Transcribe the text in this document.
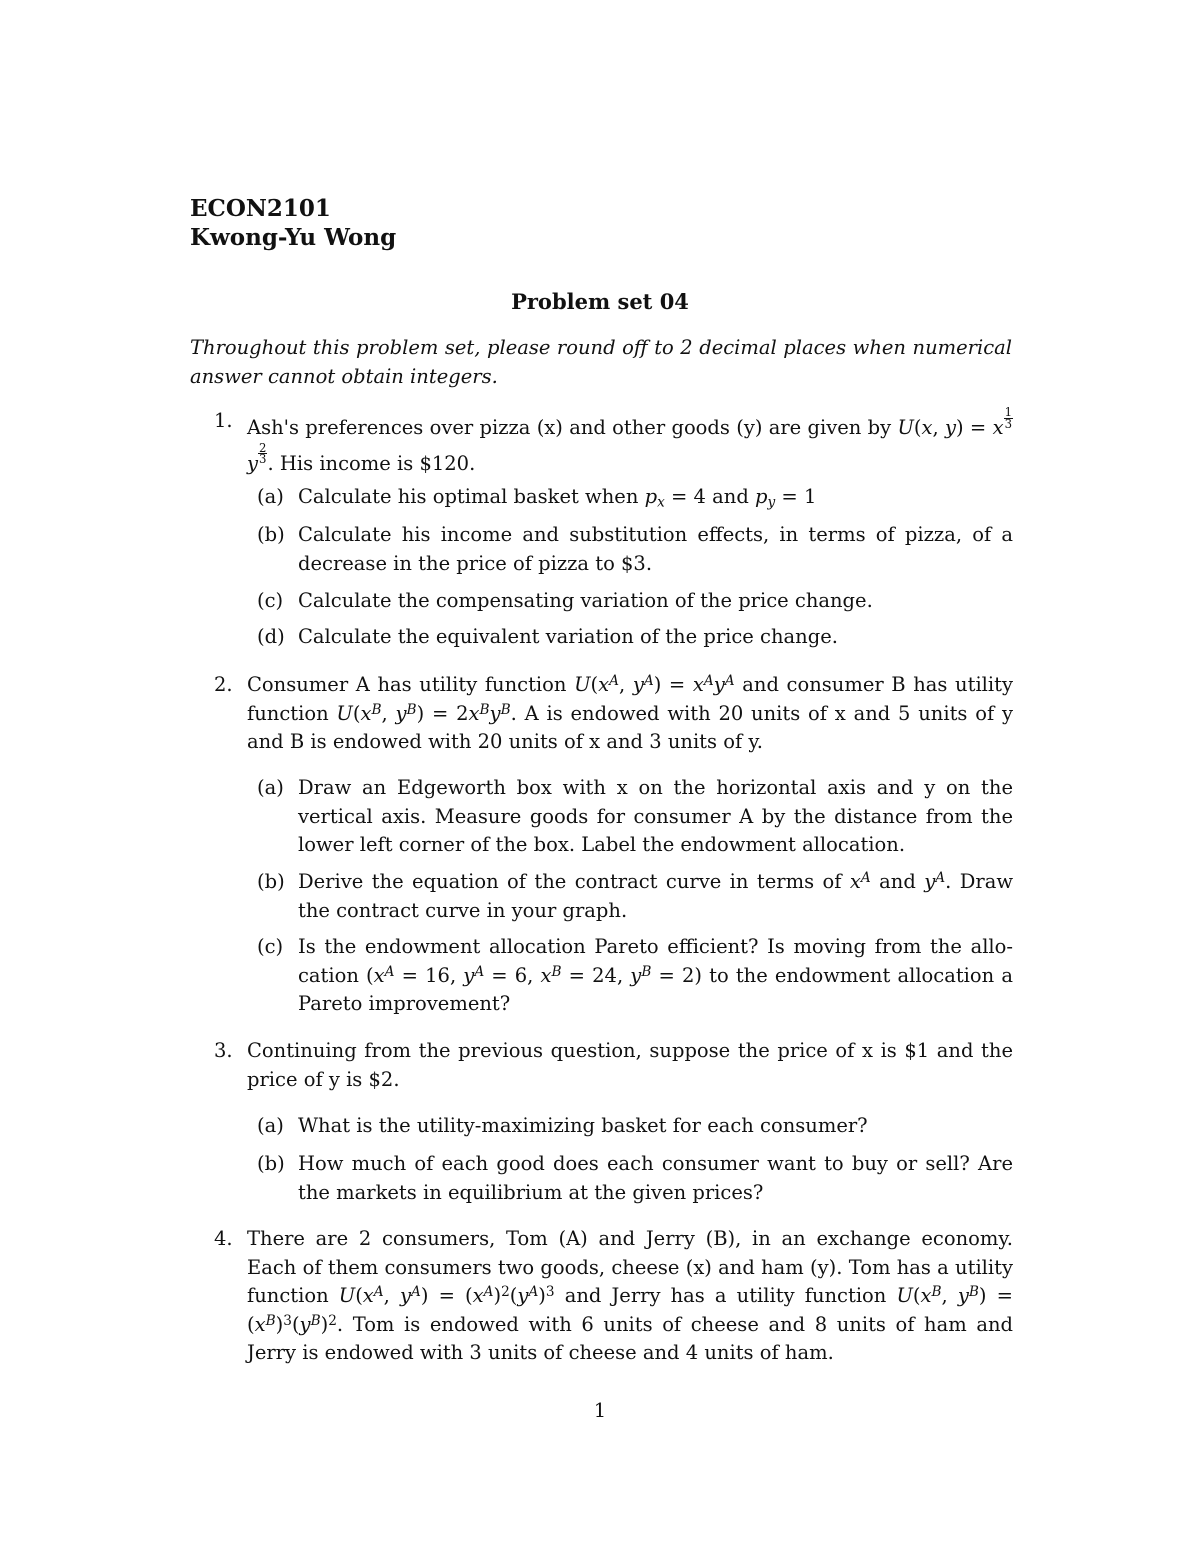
ECON2101
Kwong-Yu Wong
Problem set 04
Throughout this problem set, please round off to 2 decimal places when numerical answer cannot obtain integers.
1. Ash's preferences over pizza (x) and other goods (y) are given by U(x, y) = x $\frac{1}{3}$
y $\frac{2}{3}$ . His income is $120.
(a) Calculate his optimal basket when $p_x = 4$ and $p_y = 1$
(b) Calculate his income and substitution effects, in terms of pizza, of a decrease in the price of pizza to $3.
(c) Calculate the compensating variation of the price change.
(d) Calculate the equivalent variation of the price change.
2. Consumer A has utility function $U(x^A$, $y^A) = x^Ay^A$ and consumer B has utility function $U(x^B$, $y^B) = 2x^By^B$. A is endowed with 20 units of x and 5 units of y and B is endowed with 20 units of x and 3 units of y.
(a) Draw an Edgeworth box with x on the horizontal axis and y on the vertical axis. Measure goods for consumer A by the distance from the lower left corner of the box. Label the endowment allocation.
(b) Derive the equation of the contract curve in terms of $x^A$ and $y^A$. Draw the contract curve in your graph.
(c) Is the endowment allocation Pareto efficient? Is moving from the allo-cation ($x^A = 16$, $y^A = 6$, $x^B = 24$, $y^B = 2$) to the endowment allocation a Pareto improvement?
3. Continuing from the previous question, suppose the price of x is $1 and the price of y is $2.
(a) What is the utility-maximizing basket for each consumer?
(b) How much of each good does each consumer want to buy or sell? Are the markets in equilibrium at the given prices?
4. There are 2 consumers, Tom (A) and Jerry (B), in an exchange economy. Each of them consumers two goods, cheese (x) and ham (y). Tom has a utility function $U(x^A$, $y^A) = (x^A)^2(y^A)^3$ and Jerry has a utility function $U(x^B$, $y^B) = (x^B)^3(y^B)^2$. Tom is endowed with 6 units of cheese and 8 units of ham and Jerry is endowed with 3 units of cheese and 4 units of ham.
1
